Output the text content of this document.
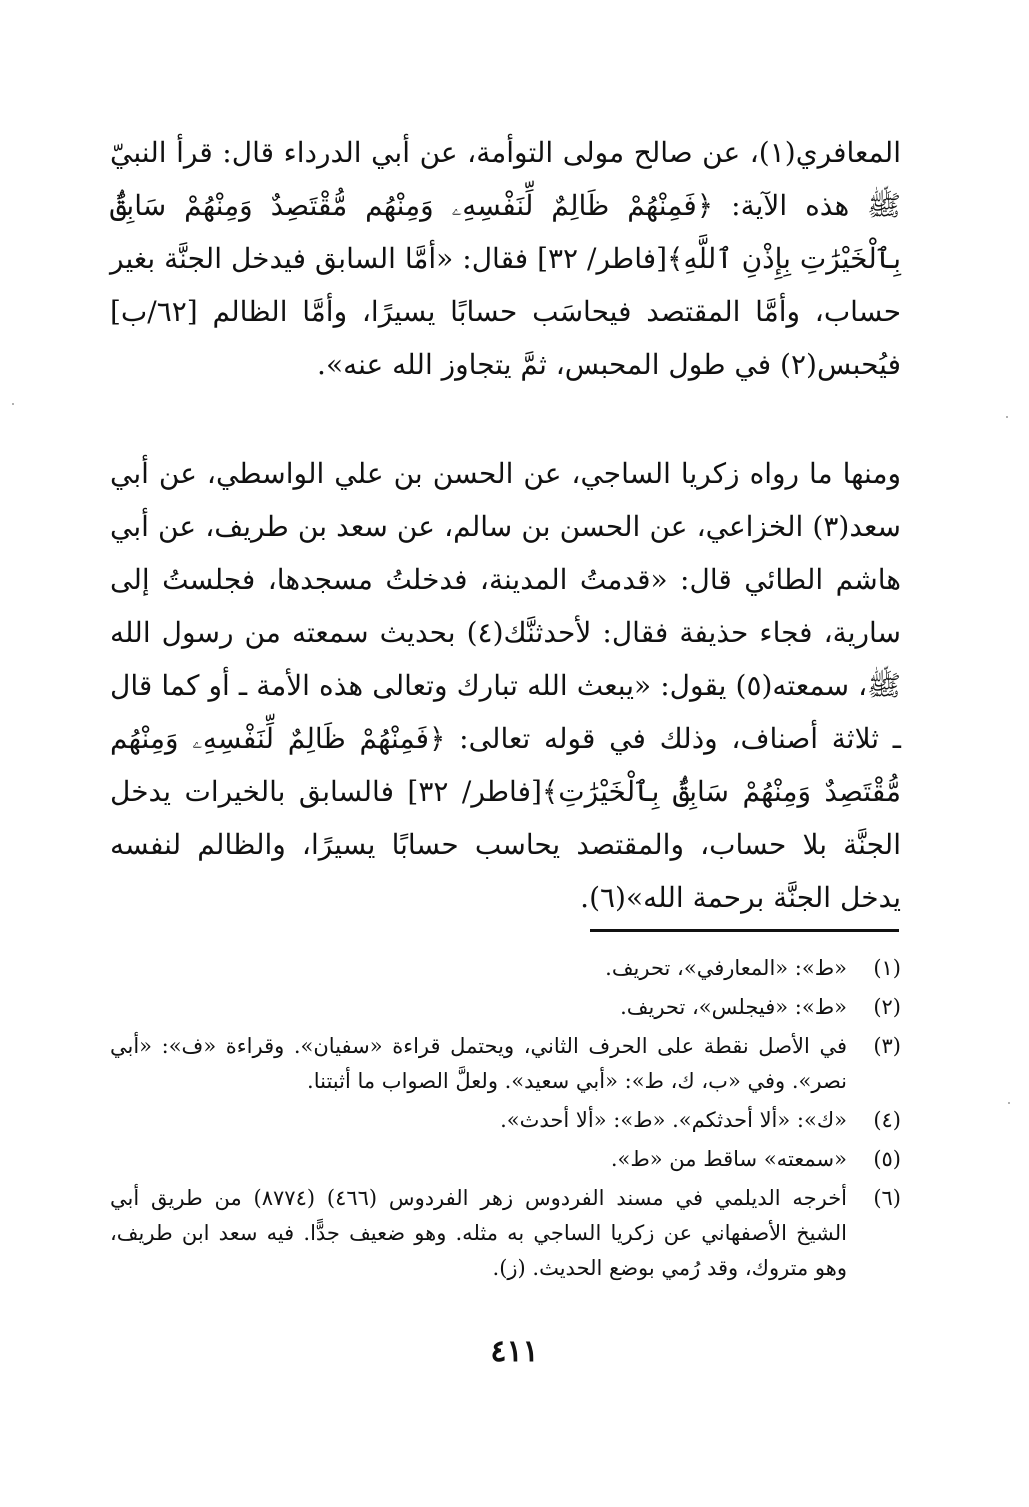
المعافري(١)، عن صالح مولى التوأمة، عن أبي الدرداء قال: قرأ النبيّ ﷺ هذه الآية: ﴿فَمِنْهُمْ ظَالِمٌ لِّنَفْسِهِۦ وَمِنْهُم مُّقْتَصِدٌ وَمِنْهُمْ سَابِقٌۢ بِٱلْخَيْرَٰتِ بِإِذْنِ ٱللَّهِ﴾[فاطر/ ٣٢] فقال: «أمَّا السابق فيدخل الجنَّة بغير حساب، وأمَّا المقتصد فيحاسَب حسابًا يسيرًا، وأمَّا الظالم [٦٢/ب] فيُحبس(٢) في طول المحبس، ثمَّ يتجاوز الله عنه».

ومنها ما رواه زكريا الساجي، عن الحسن بن علي الواسطي، عن أبي سعد(٣) الخزاعي، عن الحسن بن سالم، عن سعد بن طريف، عن أبي هاشم الطائي قال: «قدمتُ المدينة، فدخلتُ مسجدها، فجلستُ إلى سارية، فجاء حذيفة فقال: لأحدثنَّك(٤) بحديث سمعته من رسول الله ﷺ، سمعته(٥) يقول: «يبعث الله تبارك وتعالى هذه الأمة ـ أو كما قال ـ ثلاثة أصناف، وذلك في قوله تعالى: ﴿فَمِنْهُمْ ظَالِمٌ لِّنَفْسِهِۦ وَمِنْهُم مُّقْتَصِدٌ وَمِنْهُمْ سَابِقٌۢ بِٱلْخَيْرَٰتِ﴾[فاطر/ ٣٢] فالسابق بالخيرات يدخل الجنَّة بلا حساب، والمقتصد يحاسب حسابًا يسيرًا، والظالم لنفسه يدخل الجنَّة برحمة الله»(٦).

(١)
«ط»: «المعارفي»، تحريف.
(٢)
«ط»: «فيجلس»، تحريف.
(٣)
في الأصل نقطة على الحرف الثاني، ويحتمل قراءة «سفيان». وقراءة «ف»: «أبي نصر». وفي «ب، ك، ط»: «أبي سعيد». ولعلَّ الصواب ما أثبتنا.
(٤)
«ك»: «ألا أحدثكم». «ط»: «ألا أحدث».
(٥)
«سمعته» ساقط من «ط».
(٦)
أخرجه الديلمي في مسند الفردوس زهر الفردوس (٤٦٦) (٨٧٧٤) من طريق أبي الشيخ الأصفهاني عن زكريا الساجي به مثله. وهو ضعيف جدًّا. فيه سعد ابن طريف، وهو متروك، وقد رُمي بوضع الحديث. (ز).
٤١١
